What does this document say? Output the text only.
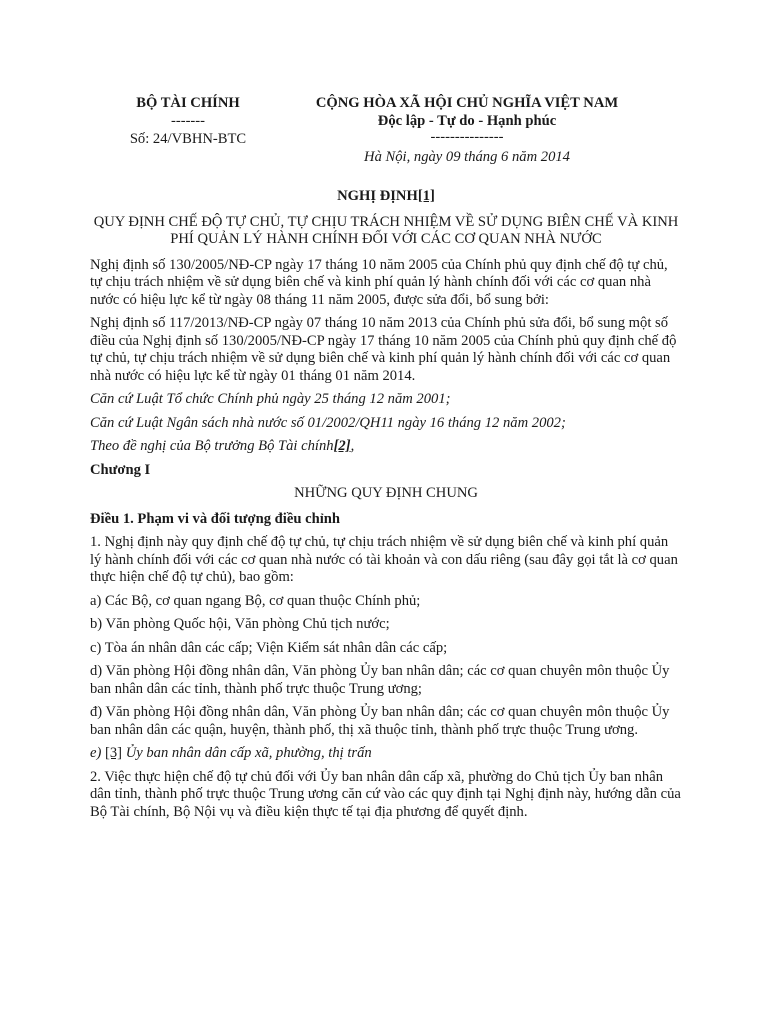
BỘ TÀI CHÍNH
-------
Số: 24/VBHN-BTC
CỘNG HÒA XÃ HỘI CHỦ NGHĨA VIỆT NAM
Độc lập - Tự do - Hạnh phúc
---------------
Hà Nội, ngày 09 tháng 6 năm 2014

NGHỊ ĐỊNH[1]

QUY ĐỊNH CHẾ ĐỘ TỰ CHỦ, TỰ CHỊU TRÁCH NHIỆM VỀ SỬ DỤNG BIÊN CHẾ VÀ KINH PHÍ QUẢN LÝ HÀNH CHÍNH ĐỐI VỚI CÁC CƠ QUAN NHÀ NƯỚC

Nghị định số 130/2005/NĐ-CP ngày 17 tháng 10 năm 2005 của Chính phủ quy định chế độ tự chủ, tự chịu trách nhiệm về sử dụng biên chế và kinh phí quản lý hành chính đối với các cơ quan nhà nước có hiệu lực kể từ ngày 08 tháng 11 năm 2005, được sửa đổi, bổ sung bởi:

Nghị định số 117/2013/NĐ-CP ngày 07 tháng 10 năm 2013 của Chính phủ sửa đổi, bổ sung một số điều của Nghị định số 130/2005/NĐ-CP ngày 17 tháng 10 năm 2005 của Chính phủ quy định chế độ tự chủ, tự chịu trách nhiệm về sử dụng biên chế và kinh phí quản lý hành chính đối với các cơ quan nhà nước có hiệu lực kể từ ngày 01 tháng 01 năm 2014.

Căn cứ Luật Tổ chức Chính phủ ngày 25 tháng 12 năm 2001;

Căn cứ Luật Ngân sách nhà nước số 01/2002/QH11 ngày 16 tháng 12 năm 2002;

Theo đề nghị của Bộ trưởng Bộ Tài chính[2],

Chương I

NHỮNG QUY ĐỊNH CHUNG

Điều 1. Phạm vi và đối tượng điều chỉnh

1. Nghị định này quy định chế độ tự chủ, tự chịu trách nhiệm về sử dụng biên chế và kinh phí quản lý hành chính đối với các cơ quan nhà nước có tài khoản và con dấu riêng (sau đây gọi tắt là cơ quan thực hiện chế độ tự chủ), bao gồm:

a) Các Bộ, cơ quan ngang Bộ, cơ quan thuộc Chính phủ;

b) Văn phòng Quốc hội, Văn phòng Chủ tịch nước;

c) Tòa án nhân dân các cấp; Viện Kiểm sát nhân dân các cấp;

d) Văn phòng Hội đồng nhân dân, Văn phòng Ủy ban nhân dân; các cơ quan chuyên môn thuộc Ủy ban nhân dân các tỉnh, thành phố trực thuộc Trung ương;

đ) Văn phòng Hội đồng nhân dân, Văn phòng Ủy ban nhân dân; các cơ quan chuyên môn thuộc Ủy ban nhân dân các quận, huyện, thành phố, thị xã thuộc tỉnh, thành phố trực thuộc Trung ương.

e) [3] Ủy ban nhân dân cấp xã, phường, thị trấn

2. Việc thực hiện chế độ tự chủ đối với Ủy ban nhân dân cấp xã, phường do Chủ tịch Ủy ban nhân dân tỉnh, thành phố trực thuộc Trung ương căn cứ vào các quy định tại Nghị định này, hướng dẫn của Bộ Tài chính, Bộ Nội vụ và điều kiện thực tế tại địa phương để quyết định.
